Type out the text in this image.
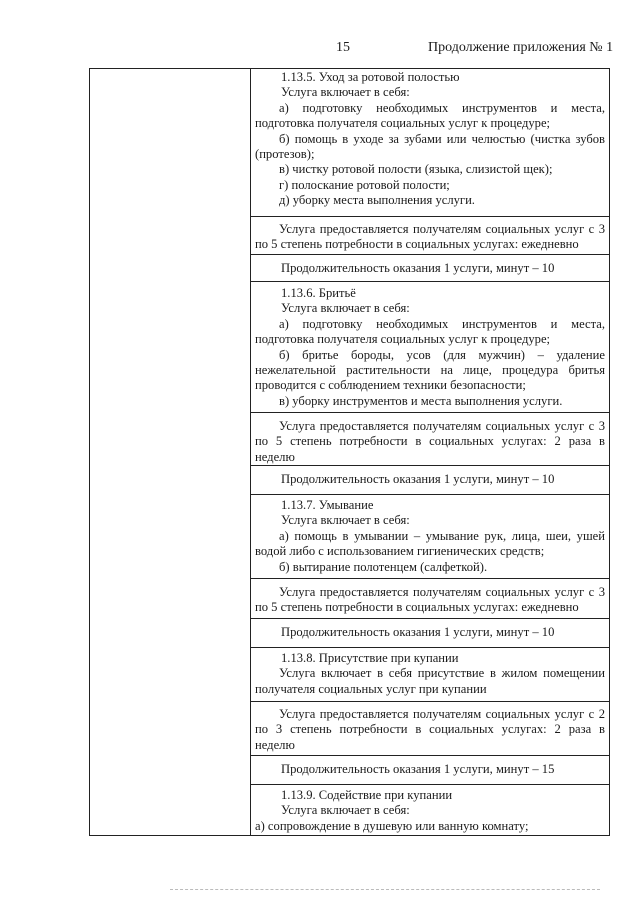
15	Продолжение приложения № 1

1.13.5. Уход за ротовой полостью

Услуга включает в себя:

а) подготовку необходимых инструментов и места, подготовка получателя социальных услуг к процедуре;

б) помощь в уходе за зубами или челюстью (чистка зубов (протезов);

в) чистку ротовой полости (языка, слизистой щек);

г) полоскание ротовой полости;

д) уборку места выполнения услуги.

Услуга предоставляется получателям социальных услуг с 3 по 5 степень потребности в социальных услугах: ежедневно

Продолжительность оказания 1 услуги, минут – 10

1.13.6. Бритьё

Услуга включает в себя:

а) подготовку необходимых инструментов и места, подготовка получателя социальных услуг к процедуре;

б) бритье бороды, усов (для мужчин) – удаление нежелательной растительности на лице, процедура бритья проводится с соблюдением техники безопасности;

в) уборку инструментов и места выполнения услуги.

Услуга предоставляется получателям социальных услуг с 3 по 5 степень потребности в социальных услугах: 2 раза в неделю

Продолжительность оказания 1 услуги, минут – 10

1.13.7. Умывание

Услуга включает в себя:

а) помощь в умывании – умывание рук, лица, шеи, ушей водой либо с использованием гигиенических средств;

б) вытирание полотенцем (салфеткой).

Услуга предоставляется получателям социальных услуг с 3 по 5 степень потребности в социальных услугах: ежедневно

Продолжительность оказания 1 услуги, минут – 10

1.13.8. Присутствие при купании

Услуга включает в себя присутствие в жилом помещении получателя социальных услуг при купании

Услуга предоставляется получателям социальных услуг с 2 по 3 степень потребности в социальных услугах: 2 раза в неделю

Продолжительность оказания 1 услуги, минут – 15

1.13.9. Содействие при купании

Услуга включает в себя:

а) сопровождение в душевую или ванную комнату;
